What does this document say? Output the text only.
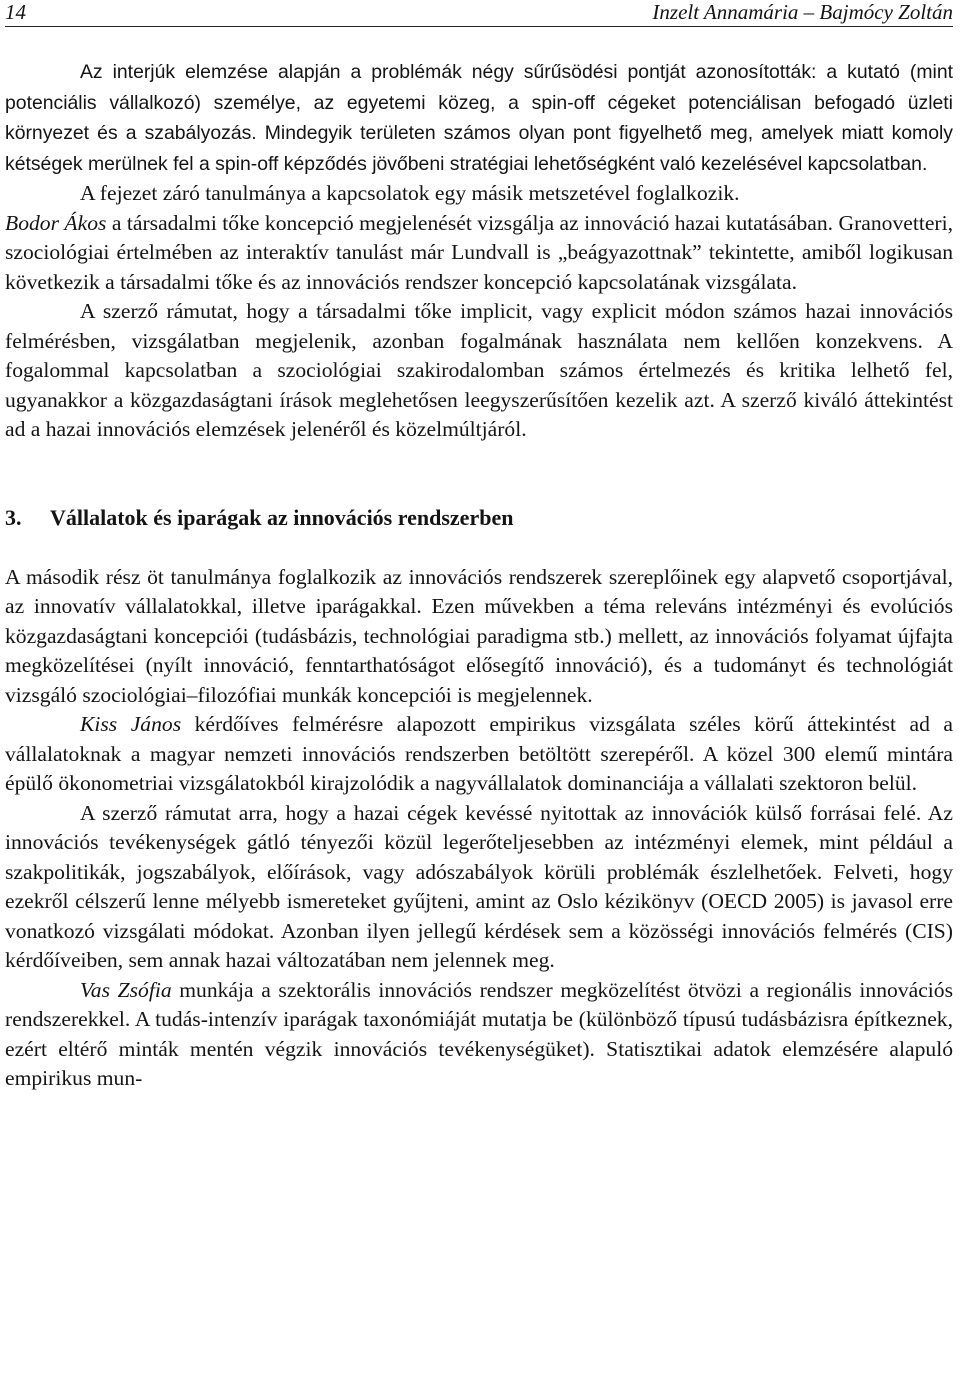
14	Inzelt Annamária – Bajmócy Zoltán

Az interjúk elemzése alapján a problémák négy sűrűsödési pontját azonosították: a kutató (mint potenciális vállalkozó) személye, az egyetemi közeg, a spin-off cégeket potenciálisan befogadó üzleti környezet és a szabályozás. Mindegyik területen számos olyan pont figyelhető meg, amelyek miatt komoly kétségek merülnek fel a spin-off képződés jövőbeni stratégiai lehetőségként való kezelésével kapcsolatban.

A fejezet záró tanulmánya a kapcsolatok egy másik metszetével foglalkozik.

Bodor Ákos a társadalmi tőke koncepció megjelenését vizsgálja az innováció hazai kutatásában. Granovetteri, szociológiai értelmében az interaktív tanulást már Lundvall is „beágyazottnak” tekintette, amiből logikusan következik a társadalmi tőke és az innovációs rendszer koncepció kapcsolatának vizsgálata.

A szerző rámutat, hogy a társadalmi tőke implicit, vagy explicit módon számos hazai innovációs felmérésben, vizsgálatban megjelenik, azonban fogalmának használata nem kellően konzekvens. A fogalommal kapcsolatban a szociológiai szakirodalomban számos értelmezés és kritika lelhető fel, ugyanakkor a közgazdaságtani írások meglehetősen leegyszerűsítően kezelik azt. A szerző kiváló áttekintést ad a hazai innovációs elemzések jelenéről és közelmúltjáról.

3.	Vállalatok és iparágak az innovációs rendszerben

A második rész öt tanulmánya foglalkozik az innovációs rendszerek szereplőinek egy alapvető csoportjával, az innovatív vállalatokkal, illetve iparágakkal. Ezen művekben a téma releváns intézményi és evolúciós közgazdaságtani koncepciói (tudásbázis, technológiai paradigma stb.) mellett, az innovációs folyamat újfajta megközelítései (nyílt innováció, fenntarthatóságot elősegítő innováció), és a tudományt és technológiát vizsgáló szociológiai–filozófiai munkák koncepciói is megjelennek.

Kiss János kérdőíves felmérésre alapozott empirikus vizsgálata széles körű áttekintést ad a vállalatoknak a magyar nemzeti innovációs rendszerben betöltött szerepéről. A közel 300 elemű mintára épülő ökonometriai vizsgálatokból kirajzolódik a nagyvállalatok dominanciája a vállalati szektoron belül.

A szerző rámutat arra, hogy a hazai cégek kevéssé nyitottak az innovációk külső forrásai felé. Az innovációs tevékenységek gátló tényezői közül legerőteljesebben az intézményi elemek, mint például a szakpolitikák, jogszabályok, előírások, vagy adószabályok körüli problémák észlelhetőek. Felveti, hogy ezekről célszerű lenne mélyebb ismereteket gyűjteni, amint az Oslo kézikönyv (OECD 2005) is javasol erre vonatkozó vizsgálati módokat. Azonban ilyen jellegű kérdések sem a közösségi innovációs felmérés (CIS) kérdőíveiben, sem annak hazai változatában nem jelennek meg.

Vas Zsófia munkája a szektorális innovációs rendszer megközelítést ötvözi a regionális innovációs rendszerekkel. A tudás-intenzív iparágak taxonómiáját mutatja be (különböző típusú tudásbázisra építkeznek, ezért eltérő minták mentén végzik innovációs tevékenységüket). Statisztikai adatok elemzésére alapuló empirikus mun-
